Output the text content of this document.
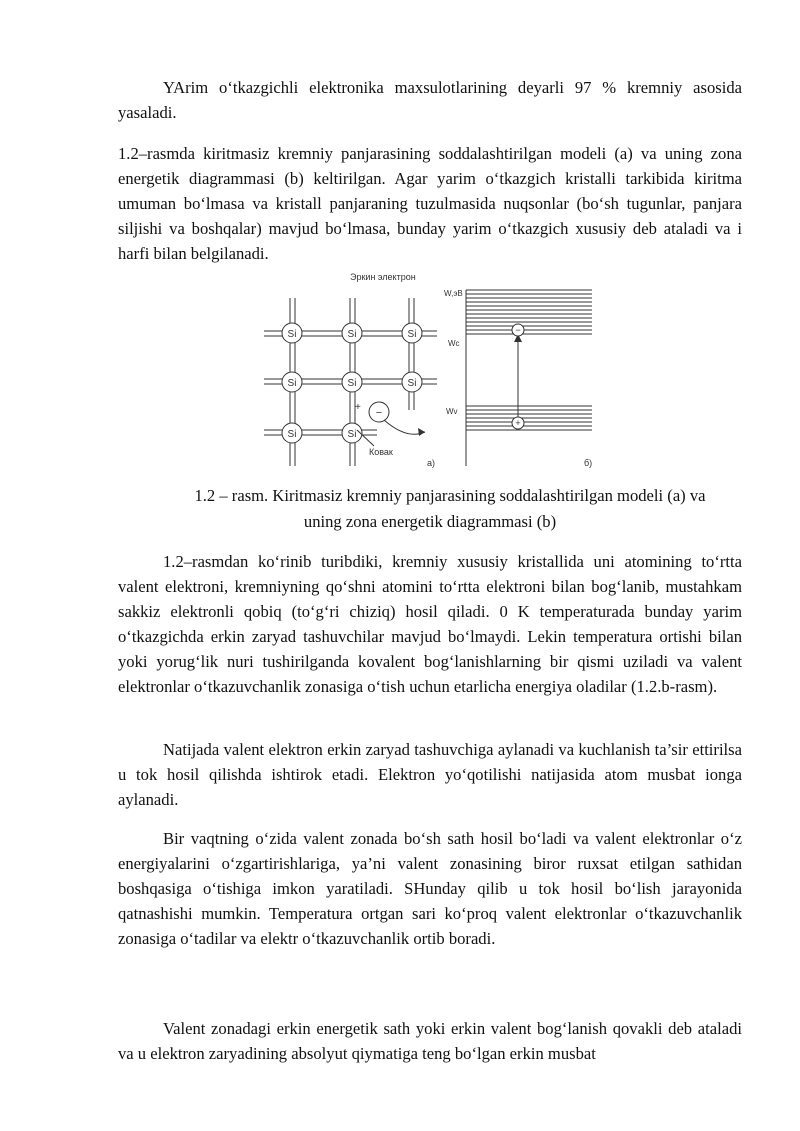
YArim o‘tkazgichli elektronika maxsulotlarining deyarli 97 % kremniy asosida yasaladi.

1.2–rasmda kiritmasiz kremniy panjarasining soddalashtirilgan modeli (a) va uning zona energetik diagrammasi (b) keltirilgan. Agar yarim o‘tkazgich kristalli tarkibida kiritma umuman bo‘lmasa va kristall panjaraning tuzulmasida nuqsonlar (bo‘sh tugunlar, panjara siljishi va boshqalar) mavjud bo‘lmasa, bunday yarim o‘tkazgich xususiy deb ataladi va i harfi bilan belgilanadi.

Si	Si	Si
Si	Si	Si
Si	Si
+ −
Эркин электрон
Ковак
a)
−
+
W,эВ
Wc
Wv
б)

1.2 – rasm. Kiritmasiz kremniy panjarasining soddalashtirilgan modeli (a) va

uning zona energetik diagrammasi (b)

1.2–rasmdan ko‘rinib turibdiki, kremniy xususiy kristallida uni atomining to‘rtta valent elektroni, kremniyning qo‘shni atomini to‘rtta elektroni bilan bog‘lanib, mustahkam sakkiz elektronli qobiq (to‘g‘ri chiziq) hosil qiladi. 0 K temperaturada bunday yarim o‘tkazgichda erkin zaryad tashuvchilar mavjud bo‘lmaydi. Lekin temperatura ortishi bilan yoki yorug‘lik nuri tushirilganda kovalent bog‘lanishlarning bir qismi uziladi va valent elektronlar o‘tkazuvchanlik zonasiga o‘tish uchun etarlicha energiya oladilar (1.2.b-rasm).

Natijada valent elektron erkin zaryad tashuvchiga aylanadi va kuchlanish ta’sir ettirilsa u tok hosil qilishda ishtirok etadi. Elektron yo‘qotilishi natijasida atom musbat ionga aylanadi.

Bir vaqtning o‘zida valent zonada bo‘sh sath hosil bo‘ladi va valent elektronlar o‘z energiyalarini o‘zgartirishlariga, ya’ni valent zonasining biror ruxsat etilgan sathidan boshqasiga o‘tishiga imkon yaratiladi. SHunday qilib u tok hosil bo‘lish jarayonida qatnashishi mumkin. Temperatura ortgan sari ko‘proq valent elektronlar o‘tkazuvchanlik zonasiga o‘tadilar va elektr o‘tkazuvchanlik ortib boradi.

Valent zonadagi erkin energetik sath yoki erkin valent bog‘lanish qovakli deb ataladi va u elektron zaryadining absolyut qiymatiga teng bo‘lgan erkin musbat
